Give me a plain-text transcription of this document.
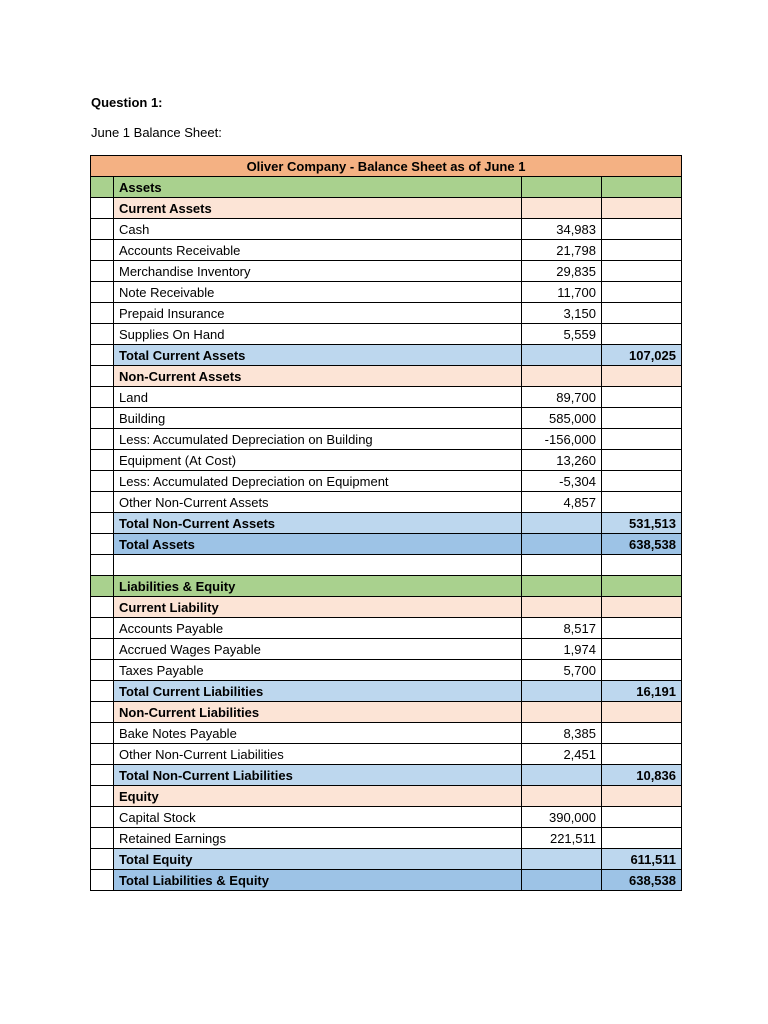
Question 1:
June 1 Balance Sheet:
Oliver Company - Balance Sheet as of June 1			
	Assets		
	Current Assets		
	Cash	34,983	
	Accounts Receivable	21,798	
	Merchandise Inventory	29,835	
	Note Receivable	11,700	
	Prepaid Insurance	3,150	
	Supplies On Hand	5,559	
	Total Current Assets		107,025
	Non-Current Assets		
	Land	89,700	
	Building	585,000	
	Less: Accumulated Depreciation on Building	-156,000	
	Equipment (At Cost)	13,260	
	Less: Accumulated Depreciation on Equipment	-5,304	
	Other Non-Current Assets	4,857	
	Total Non-Current Assets		531,513
	Total Assets		638,538

	Liabilities & Equity		
	Current Liability		
	Accounts Payable	8,517	
	Accrued Wages Payable	1,974	
	Taxes Payable	5,700	
	Total Current Liabilities		16,191
	Non-Current Liabilities		
	Bake Notes Payable	8,385	
	Other Non-Current Liabilities	2,451	
	Total Non-Current Liabilities		10,836
	Equity		
	Capital Stock	390,000	
	Retained Earnings	221,511	
	Total Equity		611,511
	Total Liabilities & Equity		638,538
